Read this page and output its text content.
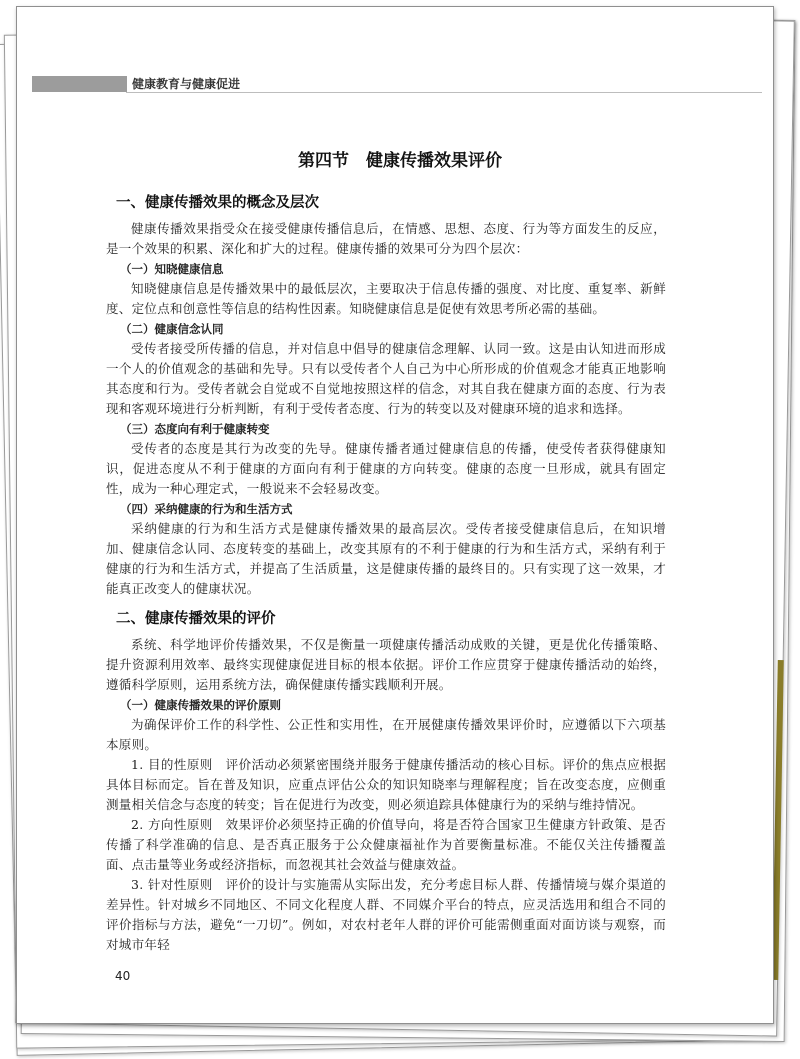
健康教育与健康促进
第四节　健康传播效果评价
一、健康传播效果的概念及层次

健康传播效果指受众在接受健康传播信息后，在情感、思想、态度、行为等方面发生的反应，是一个效果的积累、深化和扩大的过程。健康传播的效果可分为四个层次：

（一）知晓健康信息

知晓健康信息是传播效果中的最低层次，主要取决于信息传播的强度、对比度、重复率、新鲜度、定位点和创意性等信息的结构性因素。知晓健康信息是促使有效思考所必需的基础。

（二）健康信念认同

受传者接受所传播的信息，并对信息中倡导的健康信念理解、认同一致。这是由认知进而形成一个人的价值观念的基础和先导。只有以受传者个人自己为中心所形成的价值观念才能真正地影响其态度和行为。受传者就会自觉或不自觉地按照这样的信念，对其自我在健康方面的态度、行为表现和客观环境进行分析判断，有利于受传者态度、行为的转变以及对健康环境的追求和选择。

（三）态度向有利于健康转变

受传者的态度是其行为改变的先导。健康传播者通过健康信息的传播，使受传者获得健康知识，促进态度从不利于健康的方面向有利于健康的方向转变。健康的态度一旦形成，就具有固定性，成为一种心理定式，一般说来不会轻易改变。

（四）采纳健康的行为和生活方式

采纳健康的行为和生活方式是健康传播效果的最高层次。受传者接受健康信息后，在知识增加、健康信念认同、态度转变的基础上，改变其原有的不利于健康的行为和生活方式，采纳有利于健康的行为和生活方式，并提高了生活质量，这是健康传播的最终目的。只有实现了这一效果，才能真正改变人的健康状况。

二、健康传播效果的评价

系统、科学地评价传播效果，不仅是衡量一项健康传播活动成败的关键，更是优化传播策略、提升资源利用效率、最终实现健康促进目标的根本依据。评价工作应贯穿于健康传播活动的始终，遵循科学原则，运用系统方法，确保健康传播实践顺利开展。

（一）健康传播效果的评价原则

为确保评价工作的科学性、公正性和实用性，在开展健康传播效果评价时，应遵循以下六项基本原则。

1. 目的性原则　评价活动必须紧密围绕并服务于健康传播活动的核心目标。评价的焦点应根据具体目标而定。旨在普及知识，应重点评估公众的知识知晓率与理解程度；旨在改变态度，应侧重测量相关信念与态度的转变；旨在促进行为改变，则必须追踪具体健康行为的采纳与维持情况。

2. 方向性原则　效果评价必须坚持正确的价值导向，将是否符合国家卫生健康方针政策、是否传播了科学准确的信息、是否真正服务于公众健康福祉作为首要衡量标准。不能仅关注传播覆盖面、点击量等业务或经济指标，而忽视其社会效益与健康效益。

3. 针对性原则　评价的设计与实施需从实际出发，充分考虑目标人群、传播情境与媒介渠道的差异性。针对城乡不同地区、不同文化程度人群、不同媒介平台的特点，应灵活选用和组合不同的评价指标与方法，避免“一刀切”。例如，对农村老年人群的评价可能需侧重面对面访谈与观察，而对城市年轻

40
